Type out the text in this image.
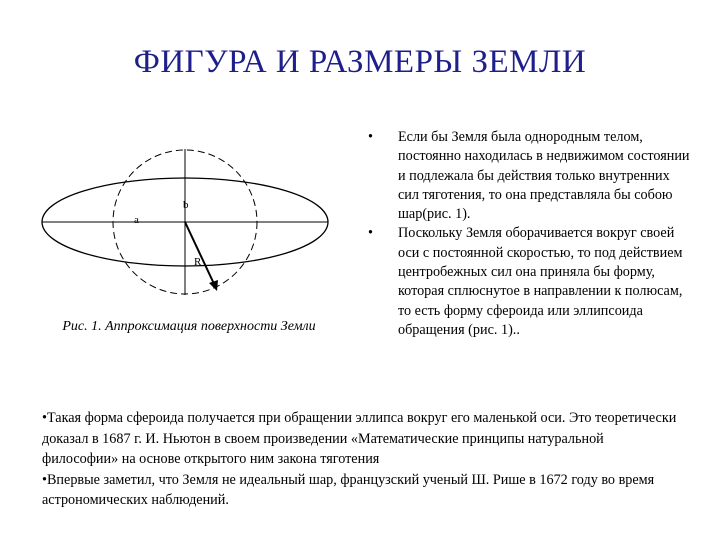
ФИГУРА И РАЗМЕРЫ ЗЕМЛИ
a
b
R
Рис. 1. Аппроксимация поверхности Земли
• Если бы Земля была однородным телом, постоянно находилась в недвижимом состоянии и подлежала бы действия только внутренних сил тяготения, то она представляла бы собою шар(рис. 1).
• Поскольку Земля оборачивается вокруг своей оси с постоянной скоростью, то под действием центробежных сил она приняла бы форму, которая сплюснутое в направлении к полюсам, то есть форму сфероида или эллипсоида обращения (рис. 1)..

•Такая форма сфероида получается при обращении эллипса вокруг его маленькой оси. Это теоретически доказал в 1687 г. И. Ньютон в своем произведении «Математические принципы натуральной философии» на основе открытого ним закона тяготения

•Впервые заметил, что Земля не идеальный шар, французский ученый Ш. Рише в 1672 году во время астрономических наблюдений.
